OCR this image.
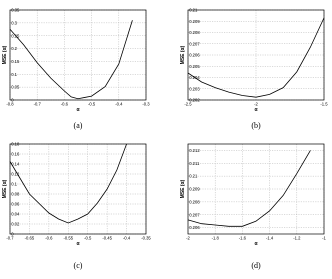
-0.8	-0.7	-0.6	-0.5	-0.4	-0.3
0
0.05
0.1
0.15
0.2
0.25
0.3
0.35
α
MSE (α)
(a)
-2.5	-2	-1.5
0.202
0.203
0.204
0.205
0.206
0.207
0.208
0.209
0.21
α
MSE (α)
(b)
-0.7	-0.65	-0.6	-0.55	-0.5	-0.45	-0.4	-0.35
0
0.02
0.04
0.06
0.08
0.1
0.12
0.14
0.16
0.18
α
MSE (α)
(c)
-2	-1.8	-1.6	-1.4	-1.2	-1
0.206
0.207
0.208
0.209
0.21
0.211
0.212
α
MSE (α)
(d)
